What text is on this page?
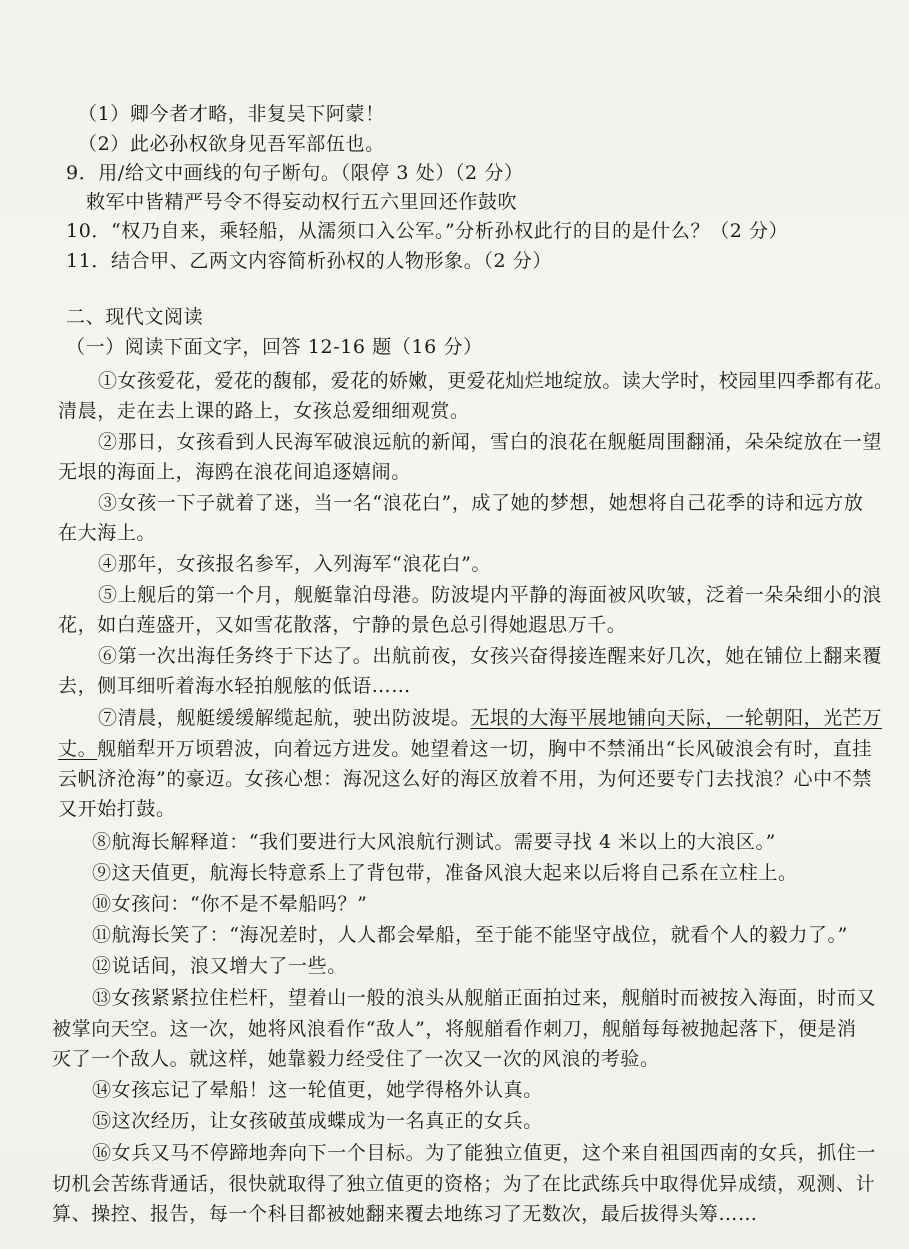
（1）卿今者才略，非复吴下阿蒙！
（2）此必孙权欲身见吾军部伍也。
9．用/给文中画线的句子断句。（限停 3 处）（2 分）
敕军中皆精严号令不得妄动权行五六里回还作鼓吹
10．“权乃自来，乘轻船，从濡须口入公军。”分析孙权此行的目的是什么？（2 分）
11．结合甲、乙两文内容简析孙权的人物形象。（2 分）
二、现代文阅读
（一）阅读下面文字，回答 12-16 题（16 分）
①女孩爱花，爱花的馥郁，爱花的娇嫩，更爱花灿烂地绽放。读大学时，校园里四季都有花。
清晨，走在去上课的路上，女孩总爱细细观赏。
②那日，女孩看到人民海军破浪远航的新闻，雪白的浪花在舰艇周围翻涌，朵朵绽放在一望
无垠的海面上，海鸥在浪花间追逐嬉闹。
③女孩一下子就着了迷，当一名“浪花白”，成了她的梦想，她想将自己花季的诗和远方放
在大海上。
④那年，女孩报名参军，入列海军“浪花白”。
⑤上舰后的第一个月，舰艇靠泊母港。防波堤内平静的海面被风吹皱，泛着一朵朵细小的浪
花，如白莲盛开，又如雪花散落，宁静的景色总引得她遐思万千。
⑥第一次出海任务终于下达了。出航前夜，女孩兴奋得接连醒来好几次，她在铺位上翻来覆
去，侧耳细听着海水轻拍舰舷的低语……
⑦清晨，舰艇缓缓解缆起航，驶出防波堤。无垠的大海平展地铺向天际，一轮朝阳，光芒万
丈。舰艏犁开万顷碧波，向着远方进发。她望着这一切，胸中不禁涌出“长风破浪会有时，直挂
云帆济沧海”的豪迈。女孩心想：海况这么好的海区放着不用，为何还要专门去找浪？心中不禁
又开始打鼓。
⑧航海长解释道：“我们要进行大风浪航行测试。需要寻找 4 米以上的大浪区。”
⑨这天值更，航海长特意系上了背包带，准备风浪大起来以后将自己系在立柱上。
⑩女孩问：“你不是不晕船吗？”
⑪航海长笑了：“海况差时，人人都会晕船，至于能不能坚守战位，就看个人的毅力了。”
⑫说话间，浪又增大了一些。
⑬女孩紧紧拉住栏杆，望着山一般的浪头从舰艏正面拍过来，舰艏时而被按入海面，时而又
被掌向天空。这一次，她将风浪看作“敌人”，将舰艏看作刺刀，舰艏每每被抛起落下，便是消
灭了一个敌人。就这样，她靠毅力经受住了一次又一次的风浪的考验。
⑭女孩忘记了晕船！这一轮值更，她学得格外认真。
⑮这次经历，让女孩破茧成蝶成为一名真正的女兵。
⑯女兵又马不停蹄地奔向下一个目标。为了能独立值更，这个来自祖国西南的女兵，抓住一
切机会苦练背通话，很快就取得了独立值更的资格；为了在比武练兵中取得优异成绩，观测、计
算、操控、报告，每一个科目都被她翻来覆去地练习了无数次，最后拔得头筹……
